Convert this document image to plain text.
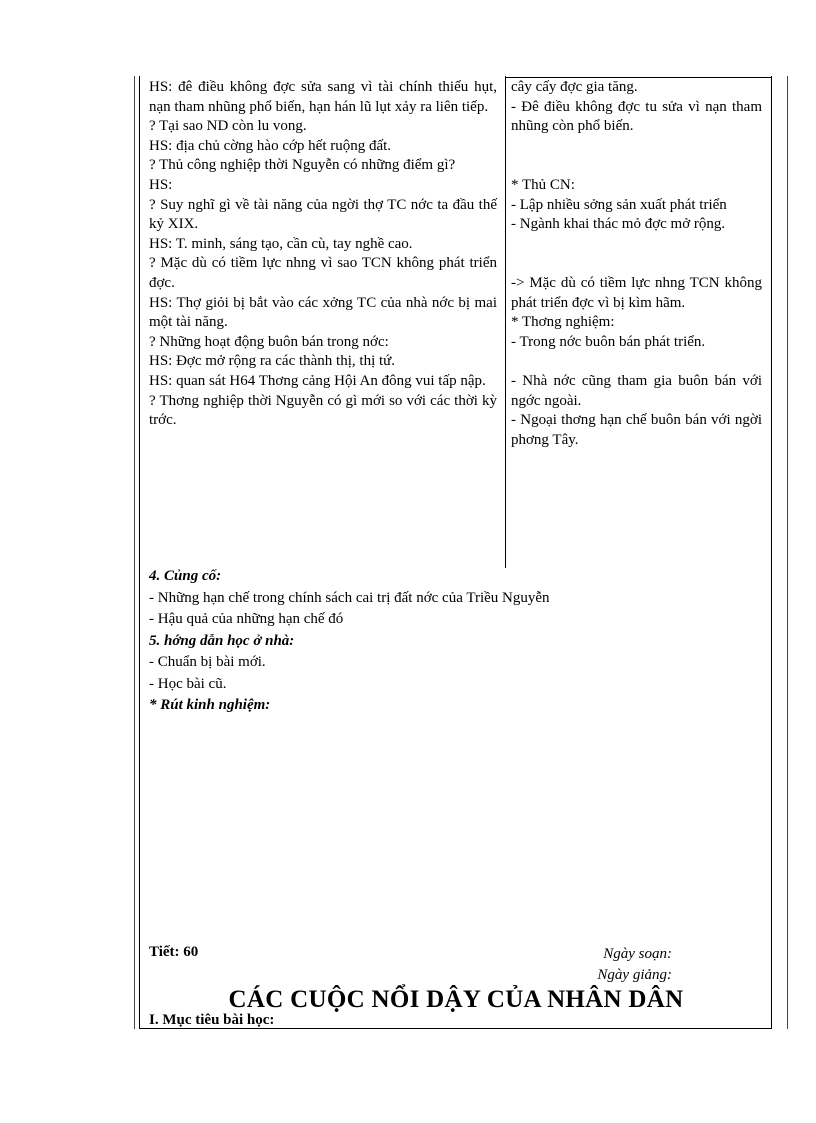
HS: đê điều không đợc sửa sang vì tài chính thiếu hụt, nạn tham nhũng phổ biến, hạn hán lũ lụt xảy ra liên tiếp.

? Tại sao ND còn lu vong.

HS: địa chủ cờng hào cớp hết ruộng đất.

? Thủ công nghiệp thời Nguyễn có những điểm gì?

HS:

? Suy nghĩ gì về tài năng của ngời thợ TC nớc ta đầu thế kỷ XIX.

HS: T. minh, sáng tạo, cần cù, tay nghề cao.

? Mặc dù có tiềm lực nhng vì sao TCN không phát triển đợc.

HS: Thợ giỏi bị bắt vào các xởng TC của nhà nớc bị mai một tài năng.

? Những hoạt động buôn bán trong nớc:

HS: Đợc mở rộng ra các thành thị, thị tứ.

HS: quan sát H64 Thơng cảng Hội An đông vui tấp nập.

? Thơng nghiệp thời Nguyễn có gì mới so với các thời kỳ trớc.

cây cấy đợc gia tăng.

- Đê điều không đợc tu sửa vì nạn tham nhũng còn phổ biến.

* Thủ CN:

- Lập nhiều sởng sản xuất phát triển

- Ngành khai thác mỏ đợc mở rộng.

-> Mặc dù có tiềm lực nhng TCN không phát triển đợc vì bị kìm hãm.

* Thơng nghiệm:

- Trong nớc buôn bán phát triển.

- Nhà nớc cũng tham gia buôn bán với ngớc ngoài.

- Ngoại thơng hạn chế buôn bán với ngời phơng Tây.

4. Củng cố:

- Những hạn chế trong chính sách cai trị đất nớc của Triều Nguyễn

- Hậu quả của những hạn chế đó

5. hớng dẫn học ở nhà:

- Chuẩn bị bài mới.

- Học bài cũ.

* Rút kinh nghiệm:

Tiết: 60	Ngày soạn:
Ngày giảng:
CÁC CUỘC NỔI DẬY CỦA NHÂN DÂN
I. Mục tiêu bài học:
